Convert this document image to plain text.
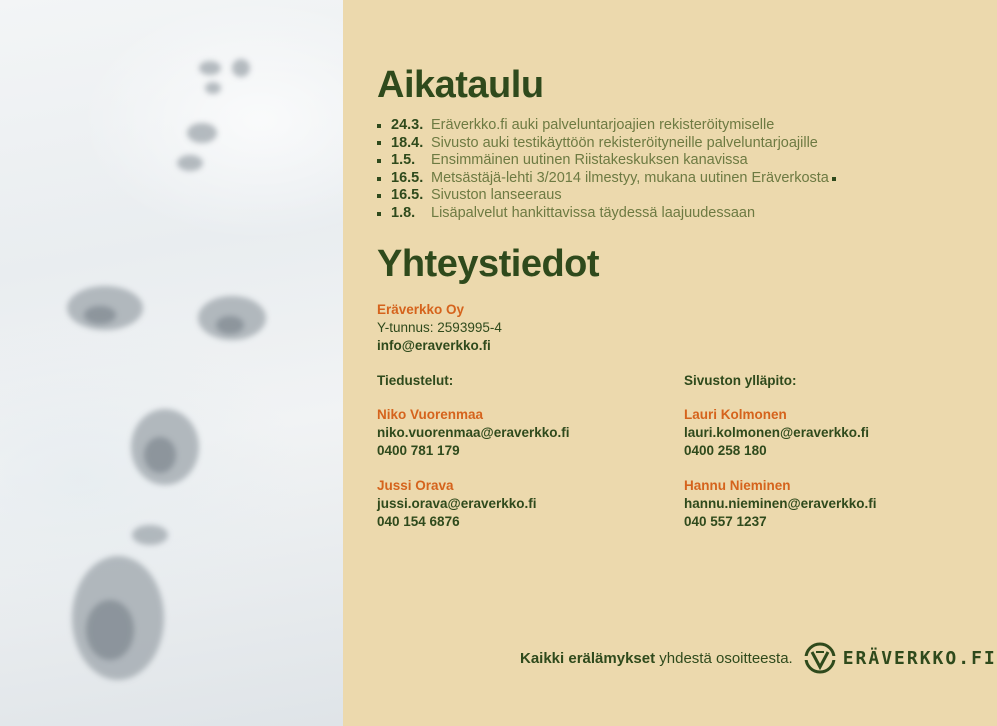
Aikataulu
24.3. Eräverkko.fi auki palveluntarjoajien rekisteröitymiselle
18.4. Sivusto auki testikäyttöön rekisteröityneille palveluntarjoajille
1.5.	Ensimmäinen uutinen Riistakeskuksen kanavissa
16.5. Metsästäjä-lehti 3/2014 ilmestyy, mukana uutinen Eräverkosta
16.5. Sivuston lanseeraus
1.8.	Lisäpalvelut hankittavissa täydessä laajuudessaan
Yhteystiedot
Eräverkko Oy
Y-tunnus: 2593995-4
info@eraverkko.fi
Tiedustelut:
Niko Vuorenmaa
niko.vuorenmaa@eraverkko.fi
0400 781 179
Jussi Orava
jussi.orava@eraverkko.fi
040 154 6876
Sivuston ylläpito:
Lauri Kolmonen
lauri.kolmonen@eraverkko.fi
0400 258 180
Hannu Nieminen
hannu.nieminen@eraverkko.fi
040 557 1237
Kaikki erälämykset
yhdestä osoitteesta.	ERÄVERKKO.FI
